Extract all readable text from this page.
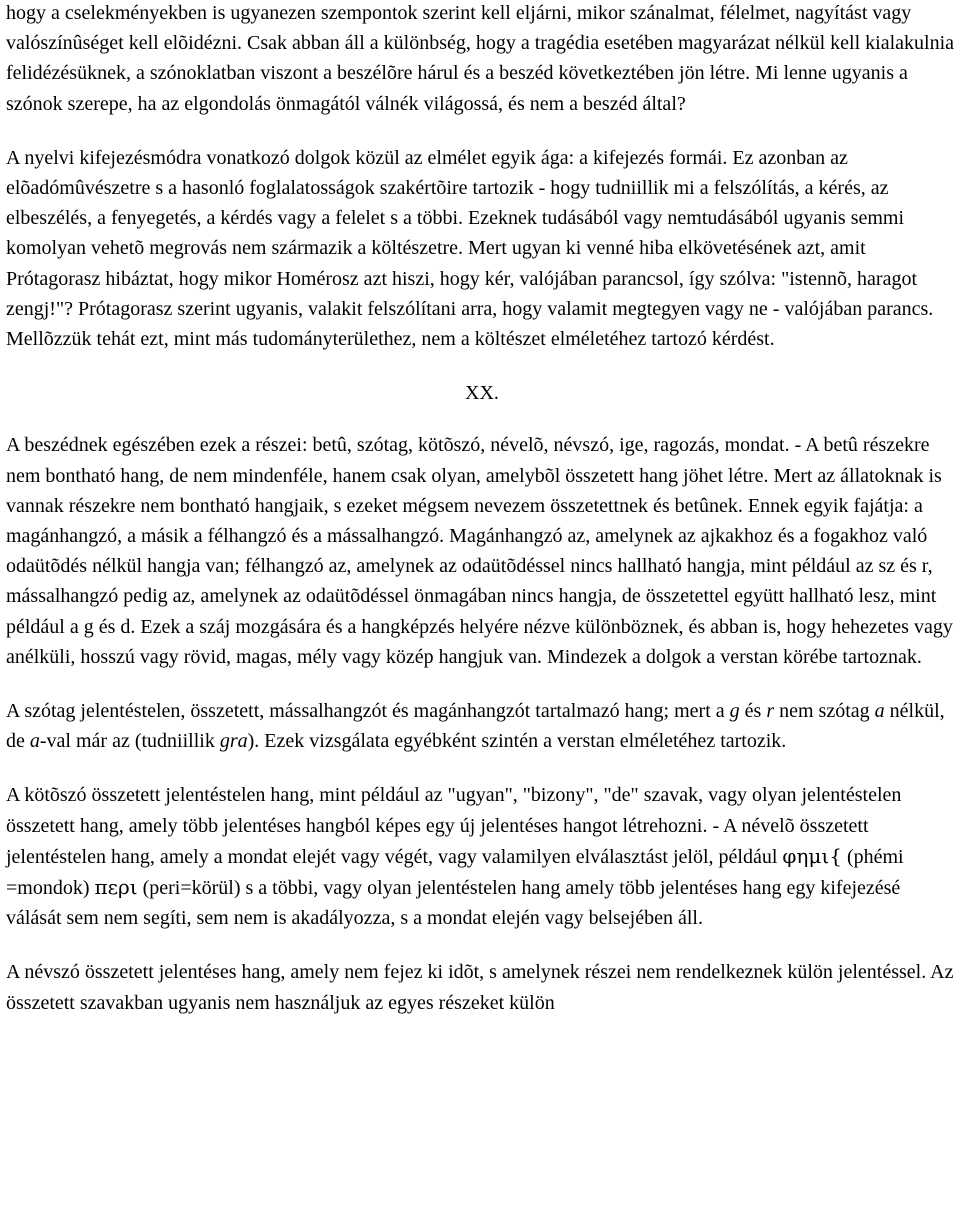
hogy a cselekményekben is ugyanezen szempontok szerint kell eljárni, mikor szánalmat, félelmet, nagyítást vagy valószínûséget kell elõidézni. Csak abban áll a különbség, hogy a tragédia esetében magyarázat nélkül kell kialakulnia felidézésüknek, a szónoklatban viszont a beszélõre hárul és a beszéd következtében jön létre. Mi lenne ugyanis a szónok szerepe, ha az elgondolás önmagától válnék világossá, és nem a beszéd által?

A nyelvi kifejezésmódra vonatkozó dolgok közül az elmélet egyik ága: a kifejezés formái. Ez azonban az elõadómûvészetre s a hasonló foglalatosságok szakértõire tartozik - hogy tudniillik mi a felszólítás, a kérés, az elbeszélés, a fenyegetés, a kérdés vagy a felelet s a többi. Ezeknek tudásából vagy nemtudásából ugyanis semmi komolyan vehetõ megrovás nem származik a költészetre. Mert ugyan ki venné hiba elkövetésének azt, amit Prótagorasz hibáztat, hogy mikor Homérosz azt hiszi, hogy kér, valójában parancsol, így szólva: "istennõ, haragot zengj!"? Prótagorasz szerint ugyanis, valakit felszólítani arra, hogy valamit megtegyen vagy ne - valójában parancs. Mellõzzük tehát ezt, mint más tudományterülethez, nem a költészet elméletéhez tartozó kérdést.

XX.

A beszédnek egészében ezek a részei: betû, szótag, kötõszó, névelõ, névszó, ige, ragozás, mondat. - A betû részekre nem bontható hang, de nem mindenféle, hanem csak olyan, amelybõl összetett hang jöhet létre. Mert az állatoknak is vannak részekre nem bontható hangjaik, s ezeket mégsem nevezem összetettnek és betûnek. Ennek egyik fajátja: a magánhangzó, a másik a félhangzó és a mássalhangzó. Magánhangzó az, amelynek az ajkakhoz és a fogakhoz való odaütõdés nélkül hangja van; félhangzó az, amelynek az odaütõdéssel nincs hallható hangja, mint például az sz és r, mássalhangzó pedig az, amelynek az odaütõdéssel önmagában nincs hangja, de összetettel együtt hallható lesz, mint például a g és d. Ezek a száj mozgására és a hangképzés helyére nézve különböznek, és abban is, hogy hehezetes vagy anélküli, hosszú vagy rövid, magas, mély vagy közép hangjuk van. Mindezek a dolgok a verstan körébe tartoznak.

A szótag jelentéstelen, összetett, mássalhangzót és magánhangzót tartalmazó hang; mert a g és r nem szótag a nélkül, de a-val már az (tudniillik gra). Ezek vizsgálata egyébként szintén a verstan elméletéhez tartozik.

A kötõszó összetett jelentéstelen hang, mint például az "ugyan", "bizony", "de" szavak, vagy olyan jelentéstelen összetett hang, amely több jelentéses hangból képes egy új jelentéses hangot létrehozni. - A névelõ összetett jelentéstelen hang, amely a mondat elejét vagy végét, vagy valamilyen elválasztást jelöl, például φημι{ (phémi =mondok) περι (peri=körül) s a többi, vagy olyan jelentéstelen hang amely több jelentéses hang egy kifejezésé válását sem nem segíti, sem nem is akadályozza, s a mondat elején vagy belsejében áll.

A névszó összetett jelentéses hang, amely nem fejez ki idõt, s amelynek részei nem rendelkeznek külön jelentéssel. Az összetett szavakban ugyanis nem használjuk az egyes részeket külön
